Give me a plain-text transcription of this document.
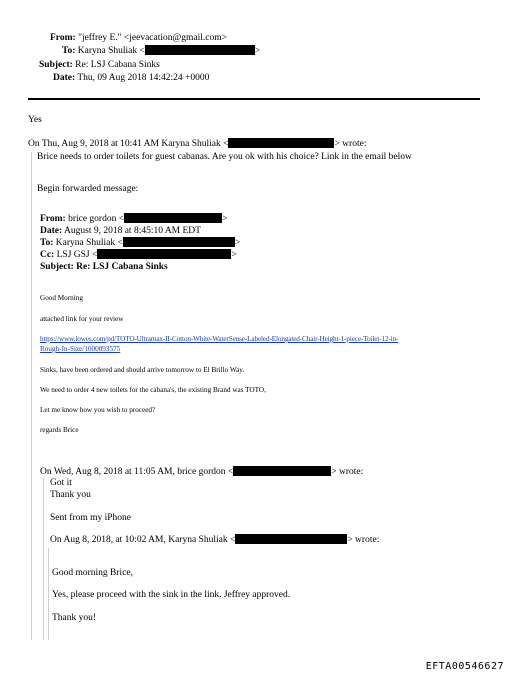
From: "jeffrey E." <jeevacation@gmail.com>
To: Karyna Shuliak <	>
Subject: Re: LSJ Cabana Sinks
Date: Thu, 09 Aug 2018 14:42:24 +0000
Yes
On Thu, Aug 9, 2018 at 10:41 AM Karyna Shuliak <	> wrote:
Brice needs to order toilets for guest cabanas. Are you ok with his choice? Link in the email below
Begin forwarded message:
From: brice gordon <	>
Date: August 9, 2018 at 8:45:10 AM EDT
To: Karyna Shuliak <	>
Cc: LSJ GSJ <	>
Subject: Re: LSJ Cabana Sinks
Good Morning
attached link for your review
https://www.lowes.com/pd/TOTO-Ultramax-II-Cotton-White-WaterSense-Labeled-Elongated-Chair-Height-1-piece-Toilet-12-in-
Rough-In-Size/1000093575
Sinks, have been ordered and should arrive tomorrow to El Brillo Way.
We need to order 4 new toilets for the cabana's, the existing Brand was TOTO,
Let me know how you wish to proceed?
regards Brice
On Wed, Aug 8, 2018 at 11:05 AM, brice gordon <	> wrote:
Got it
Thank you
Sent from my iPhone
On Aug 8, 2018, at 10:02 AM, Karyna Shuliak <	> wrote:
Good morning Brice,
Yes, please proceed with the sink in the link. Jeffrey approved.
Thank you!
EFTA00546627
